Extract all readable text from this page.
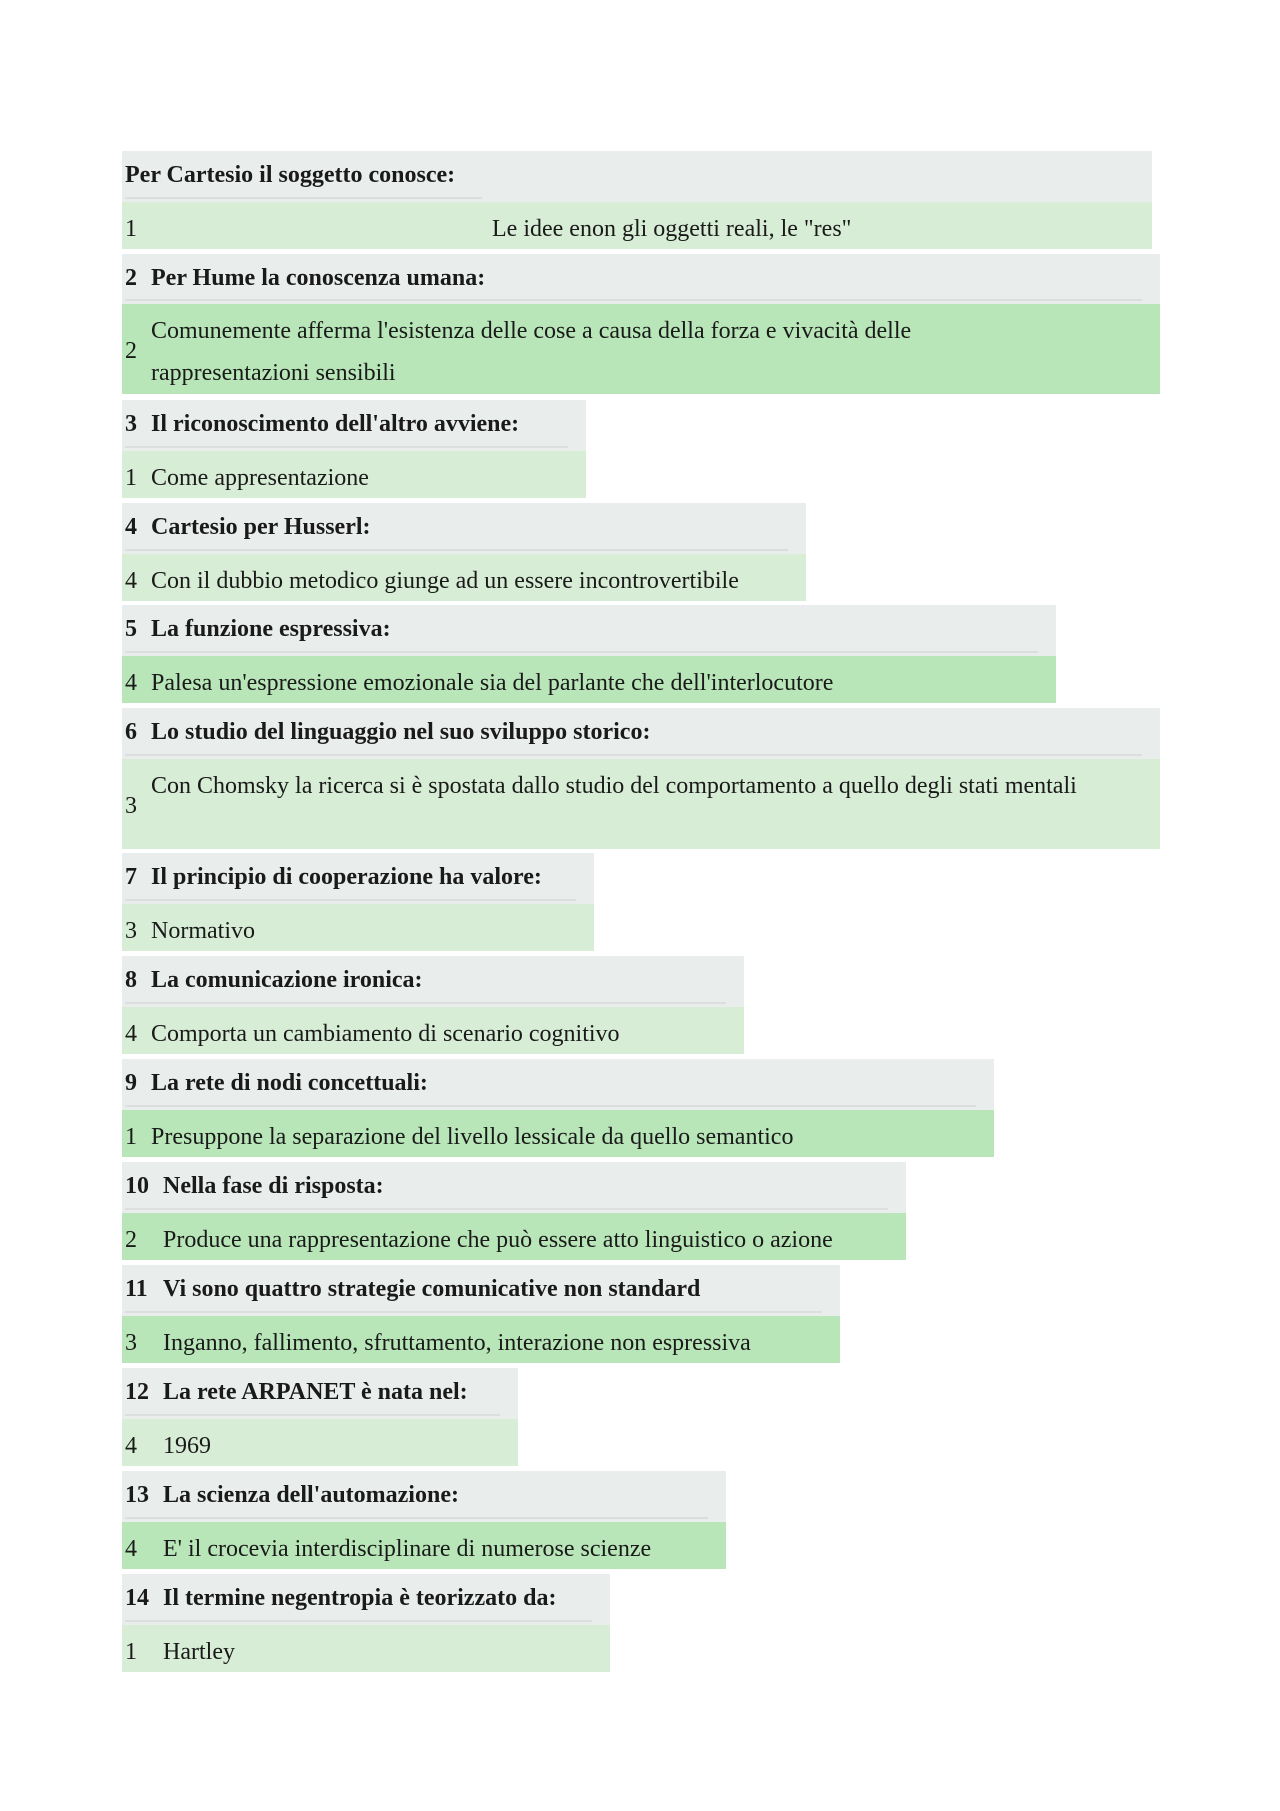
Per Cartesio il soggetto conosce:
1	Le idee enon gli oggetti reali, le "res"
2 Per Hume la conoscenza umana:
2
Comunemente afferma l'esistenza delle cose a causa della forza e vivacità delle rappresentazioni sensibili
3 Il riconoscimento dell'altro avviene:
1 Come appresentazione
4 Cartesio per Husserl:
4 Con il dubbio metodico giunge ad un essere incontrovertibile
5 La funzione espressiva:
4 Palesa un'espressione emozionale sia del parlante che dell'interlocutore
6 Lo studio del linguaggio nel suo sviluppo storico:
3
Con Chomsky la ricerca si è spostata dallo studio del comportamento a quello degli stati mentali
7 Il principio di cooperazione ha valore:
3 Normativo
8 La comunicazione ironica:
4 Comporta un cambiamento di scenario cognitivo
9 La rete di nodi concettuali:
1 Presuppone la separazione del livello lessicale da quello semantico
10 Nella fase di risposta:
2 Produce una rappresentazione che può essere atto linguistico o azione
11 Vi sono quattro strategie comunicative non standard
3 Inganno, fallimento, sfruttamento, interazione non espressiva
12 La rete ARPANET è nata nel:
4 1969
13 La scienza dell'automazione:
4 E' il crocevia interdisciplinare di numerose scienze
14 Il termine negentropia è teorizzato da:
1 Hartley
